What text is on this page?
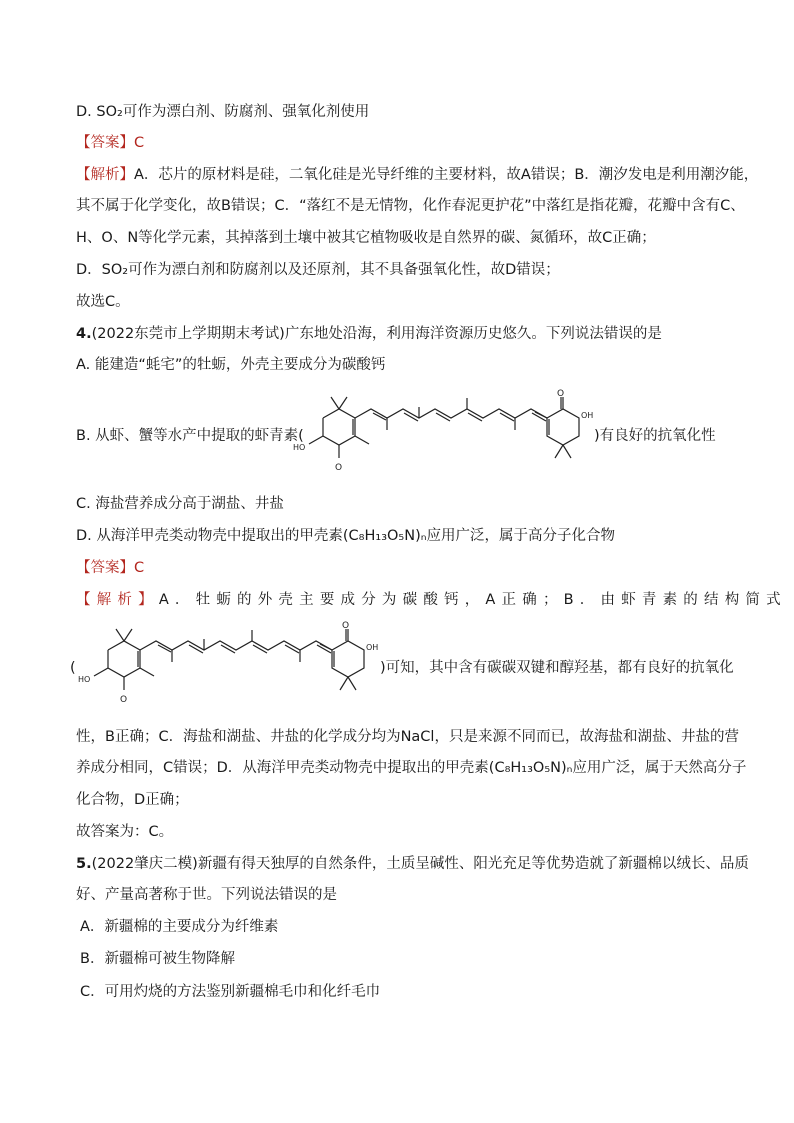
D. SO₂可作为漂白剂、防腐剂、强氧化剂使用
【答案】C
【解析】A．芯片的原材料是硅，二氧化硅是光导纤维的主要材料，故A错误；B．潮汐发电是利用潮汐能，
其不属于化学变化，故B错误；C．“落红不是无情物，化作春泥更护花”中落红是指花瓣，花瓣中含有C、
H、O、N等化学元素，其掉落到土壤中被其它植物吸收是自然界的碳、氮循环，故C正确；
D．SO₂可作为漂白剂和防腐剂以及还原剂，其不具备强氧化性，故D错误；
故选C。
4.(2022东莞市上学期期末考试)广东地处沿海，利用海洋资源历史悠久。下列说法错误的是
A. 能建造“蚝宅”的牡蛎，外壳主要成分为碳酸钙
B. 从虾、蟹等水产中提取的虾青素(
O
OH
HO
O
)有良好的抗氧化性
C. 海盐营养成分高于湖盐、井盐
D. 从海洋甲壳类动物壳中提取出的甲壳素(C₈H₁₃O₅N)ₙ应用广泛，属于高分子化合物
【答案】C
【解析】A．牡蛎的外壳主要成分为碳酸钙，A正确；B．由虾青素的结构简式
(
O
OH
HO
O
)可知，其中含有碳碳双键和醇羟基，都有良好的抗氧化
性，B正确；C．海盐和湖盐、井盐的化学成分均为NaCl，只是来源不同而已，故海盐和湖盐、井盐的营
养成分相同，C错误；D．从海洋甲壳类动物壳中提取出的甲壳素(C₈H₁₃O₅N)ₙ应用广泛，属于天然高分子
化合物，D正确；
故答案为：C。
5.(2022肇庆二模)新疆有得天独厚的自然条件，土质呈碱性、阳光充足等优势造就了新疆棉以绒长、品质
好、产量高著称于世。下列说法错误的是
A．新疆棉的主要成分为纤维素
B．新疆棉可被生物降解
C．可用灼烧的方法鉴别新疆棉毛巾和化纤毛巾
